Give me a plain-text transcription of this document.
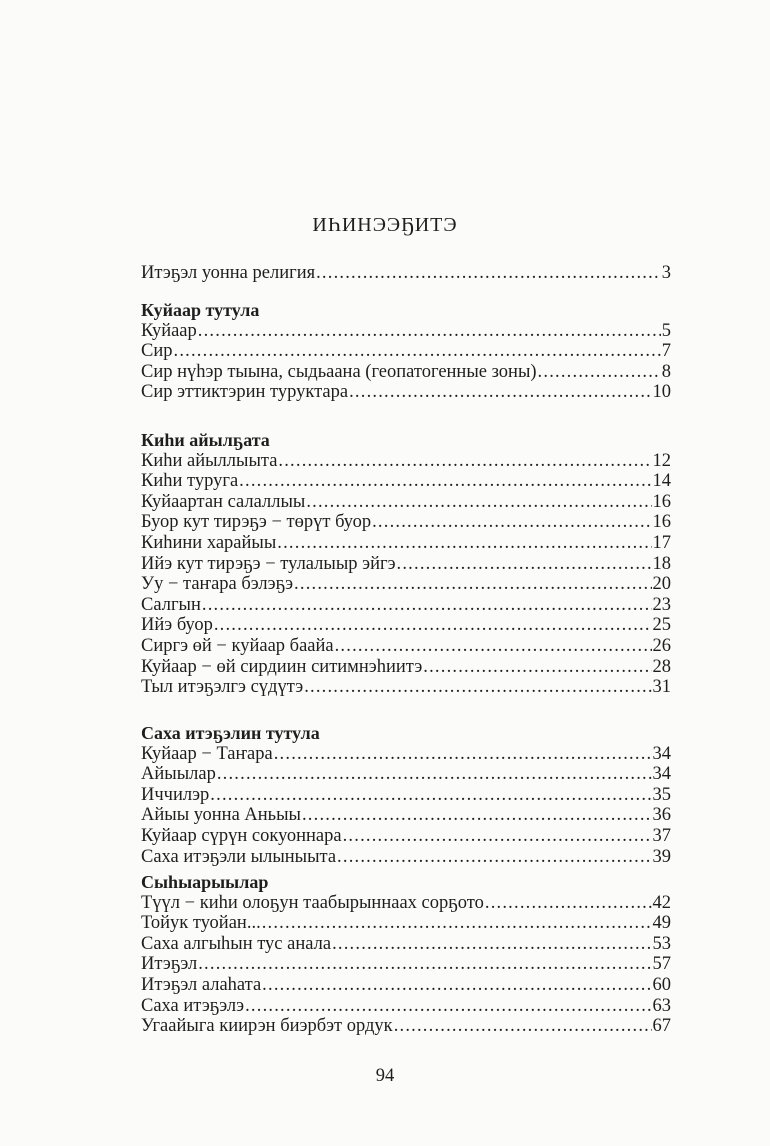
ИҺИНЭЭҔИТЭ
Итэҕэл уонна религия .....	3
Куйаар тутула
Куйаар .....	5
Сир .....	7
Сир нүһэр тыына, сыдьаана (геопатогенные зоны) .....	8
Сир эттиктэрин туруктара .....	10
Киһи айылҕата
Киһи айыллыыта .....	12
Киһи туруга .....	14
Куйаартан салаллыы .....	16
Буор кут тирэҕэ − төрүт буор .....	16
Киһини харайыы .....	17
Ийэ кут тирэҕэ − тулалыыр эйгэ .....	18
Уу − таҥара бэлэҕэ .....	20
Салгын .....	23
Ийэ буор .....	25
Сиргэ өй − куйаар баайа .....	26
Куйаар − өй сирдиин ситимнэһиитэ .....	28
Тыл итэҕэлгэ сүдүтэ .....	31
Саха итэҕэлин тутула
Куйаар − Таҥара .....	34
Айыылар .....	34
Иччилэр .....	35
Айыы уонна Аньыы .....	36
Куйаар сүрүн сокуоннара .....	37
Саха итэҕэли ылыныыта .....	39
Сыһыарыылар
Түүл − киһи олоҕун таабырыннаах сорҕото .....	42
Тойук туойан... .....	49
Саха алгыһын тус анала .....	53
Итэҕэл .....	57
Итэҕэл алаһата .....	60
Саха итэҕэлэ .....	63
Угаайыга киирэн биэрбэт ордук .....	67
94
